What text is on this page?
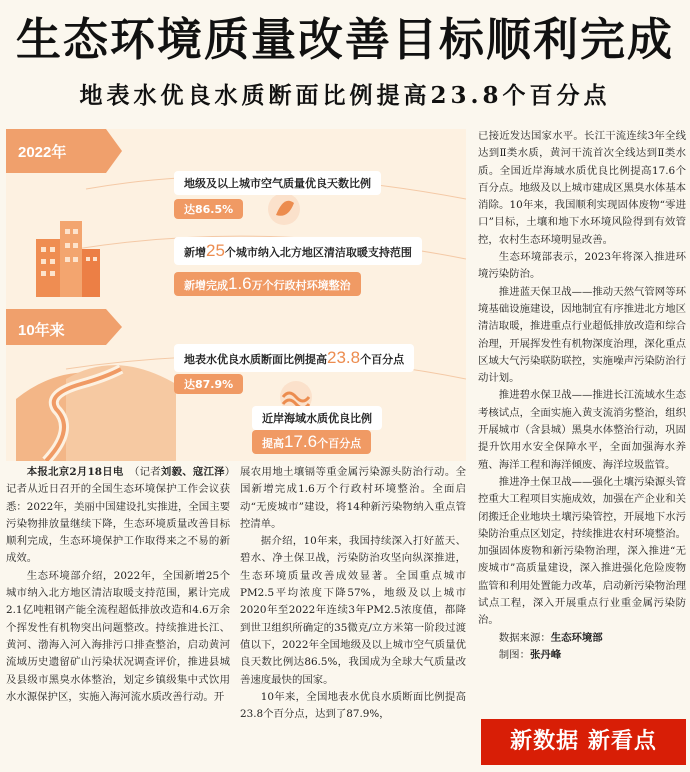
生态环境质量改善目标顺利完成
地表水优良水质断面比例提高23.8个百分点
2022年
10年来
地级及以上城市空气质量优良天数比例
达86.5%
新增25个城市纳入北方地区清洁取暖支持范围
新增完成1.6万个行政村环境整治
地表水优良水质断面比例提高23.8个百分点
达87.9%
近岸海域水质优良比例
提高17.6个百分点

本报北京2月18日电　 （记者刘毅、寇江泽）记者从近日召开的全国生态环境保护工作会议获悉：2022年，美丽中国建设扎实推进，全国主要污染物排放量继续下降，生态环境质量改善目标顺利完成，生态环境保护工作取得来之不易的新成效。

生态环境部介绍，2022年，全国新增25个城市纳入北方地区清洁取暖支持范围，累计完成2.1亿吨粗钢产能全流程超低排放改造和4.6万余个挥发性有机物突出问题整改。持续推进长江、黄河、渤海入河入海排污口排查整治，启动黄河流域历史遗留矿山污染状况调查评价，推进县城及县级市黑臭水体整治，划定乡镇级集中式饮用水水源保护区，实施入海河流水质改善行动。开

展农用地土壤镉等重金属污染源头防治行动。全国新增完成1.6万个行政村环境整治。全面启动“无废城市”建设，将14种新污染物纳入重点管控清单。

据介绍，10年来，我国持续深入打好蓝天、碧水、净土保卫战，污染防治攻坚向纵深推进，生态环境质量改善成效显著。全国重点城市PM2.5平均浓度下降57%，地级及以上城市2020年至2022年连续3年PM2.5浓度值，都降到世卫组织所确定的35微克/立方米第一阶段过渡值以下，2022年全国地级及以上城市空气质量优良天数比例达86.5%，我国成为全球大气质量改善速度最快的国家。

10年来，全国地表水优良水质断面比例提高23.8个百分点，达到了87.9%，

已接近发达国家水平。长江干流连续3年全线达到Ⅱ类水质，黄河干流首次全线达到Ⅱ类水质。全国近岸海域水质优良比例提高17.6个百分点。地级及以上城市建成区黑臭水体基本消除。10年来，我国顺利实现固体废物“零进口”目标，土壤和地下水环境风险得到有效管控，农村生态环境明显改善。

生态环境部表示，2023年将深入推进环境污染防治。

推进蓝天保卫战——推动天然气管网等环境基础设施建设，因地制宜有序推进北方地区清洁取暖，推进重点行业超低排放改造和综合治理，开展挥发性有机物深度治理，深化重点区域大气污染联防联控，实施噪声污染防治行动计划。

推进碧水保卫战——推进长江流域水生态考核试点，全面实施入黄支流消劣整治，组织开展城市（含县城）黑臭水体整治行动，巩固提升饮用水安全保障水平，全面加强海水养殖、海洋工程和海洋倾废、海洋垃圾监管。

推进净土保卫战——强化土壤污染源头管控重大工程项目实施成效，加强在产企业和关闭搬迁企业地块土壤污染管控，开展地下水污染防治重点区划定，持续推进农村环境整治。加强固体废物和新污染物治理，深入推进“无废城市”高质量建设，深入推进强化危险废物监管和利用处置能力改革，启动新污染物治理试点工程，深入开展重点行业重金属污染防治。

数据来源：生态环境部

制图：张丹峰

新数据 新看点
